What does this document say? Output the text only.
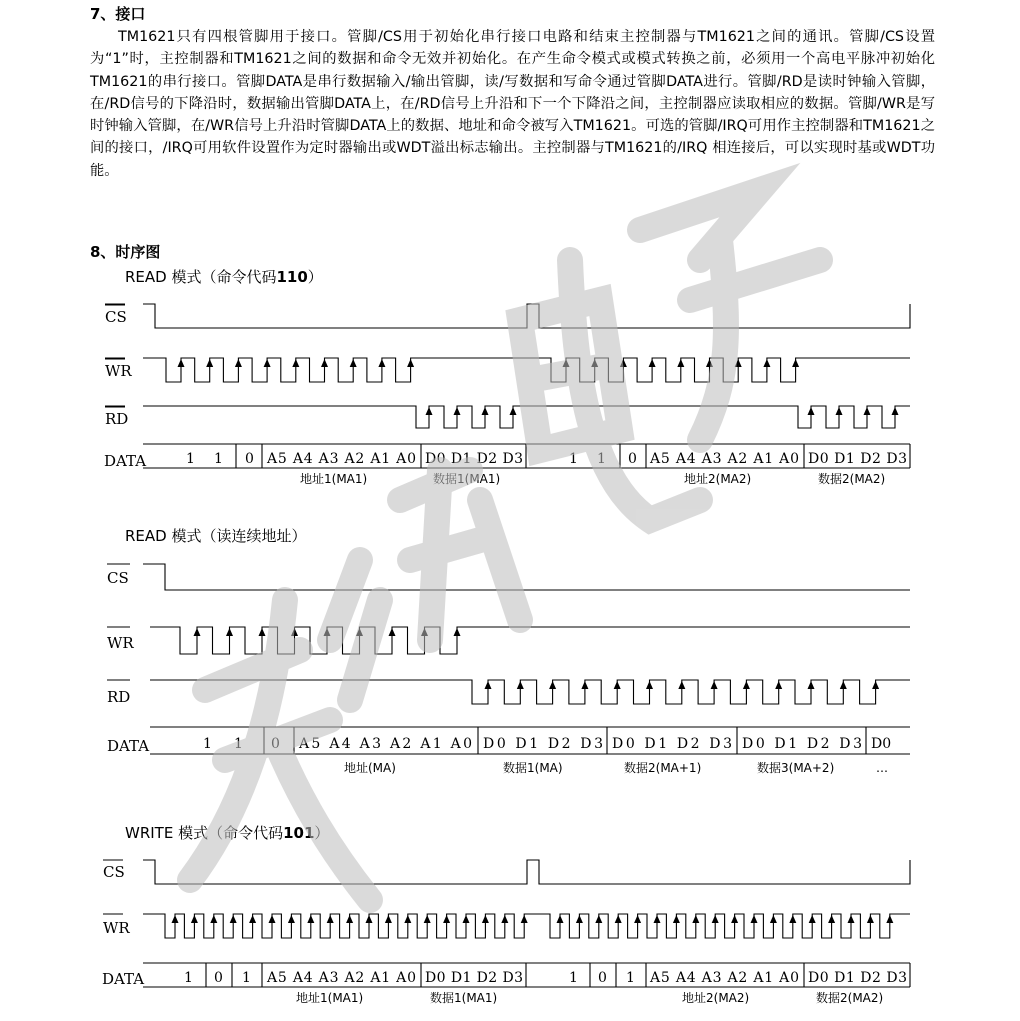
7、接口
TM1621只有四根管脚用于接口。管脚/CS用于初始化串行接口电路和结束主控制器与TM1621之间的通讯。管脚/CS设置为“1”时，主控制器和TM1621之间的数据和命令无效并初始化。在产生命令模式或模式转换之前，必须用一个高电平脉冲初始化TM1621的串行接口。管脚DATA是串行数据输入/输出管脚，读/写数据和写命令通过管脚DATA进行。管脚/RD是读时钟输入管脚，在/RD信号的下降沿时，数据输出管脚DATA上，在/RD信号上升沿和下一个下降沿之间，主控制器应读取相应的数据。管脚/WR是写时钟输入管脚，在/WR信号上升沿时管脚DATA上的数据、地址和命令被写入TM1621。可选的管脚/IRQ可用作主控制器和TM1621之间的接口，/IRQ可用软件设置作为定时器输出或WDT溢出标志输出。主控制器与TM1621的/IRQ 相连接后，可以实现时基或WDT功能。
8、时序图
READ 模式（命令代码110）
READ 模式（读连续地址）
WRITE 模式（命令代码101）
CS
WR
RD
DATA
CS
WR
RD
DATA
CS
WR
DATA
1 1 0 A5 A4 A3 A2 A1 A0 D0 D1 D2 D3	1 1 0 A5 A4 A3 A2 A1 A0 D0 D1 D2 D3
地址1(MA1)	数据1(MA1)	地址2(MA2)	数据2(MA2)
1 1 0 A5 A4 A3 A2 A1 A0 D0 D1 D2 D3 D0 D1 D2 D3 D0 D1 D2 D3 D0
地址(MA)	数据1(MA)	数据2(MA+1)	数据3(MA+2)	…
1 0 1 A5 A4 A3 A2 A1 A0 D0 D1 D2 D3	1 0 1 A5 A4 A3 A2 A1 A0 D0 D1 D2 D3
地址1(MA1)	数据1(MA1)	地址2(MA2)	数据2(MA2)
